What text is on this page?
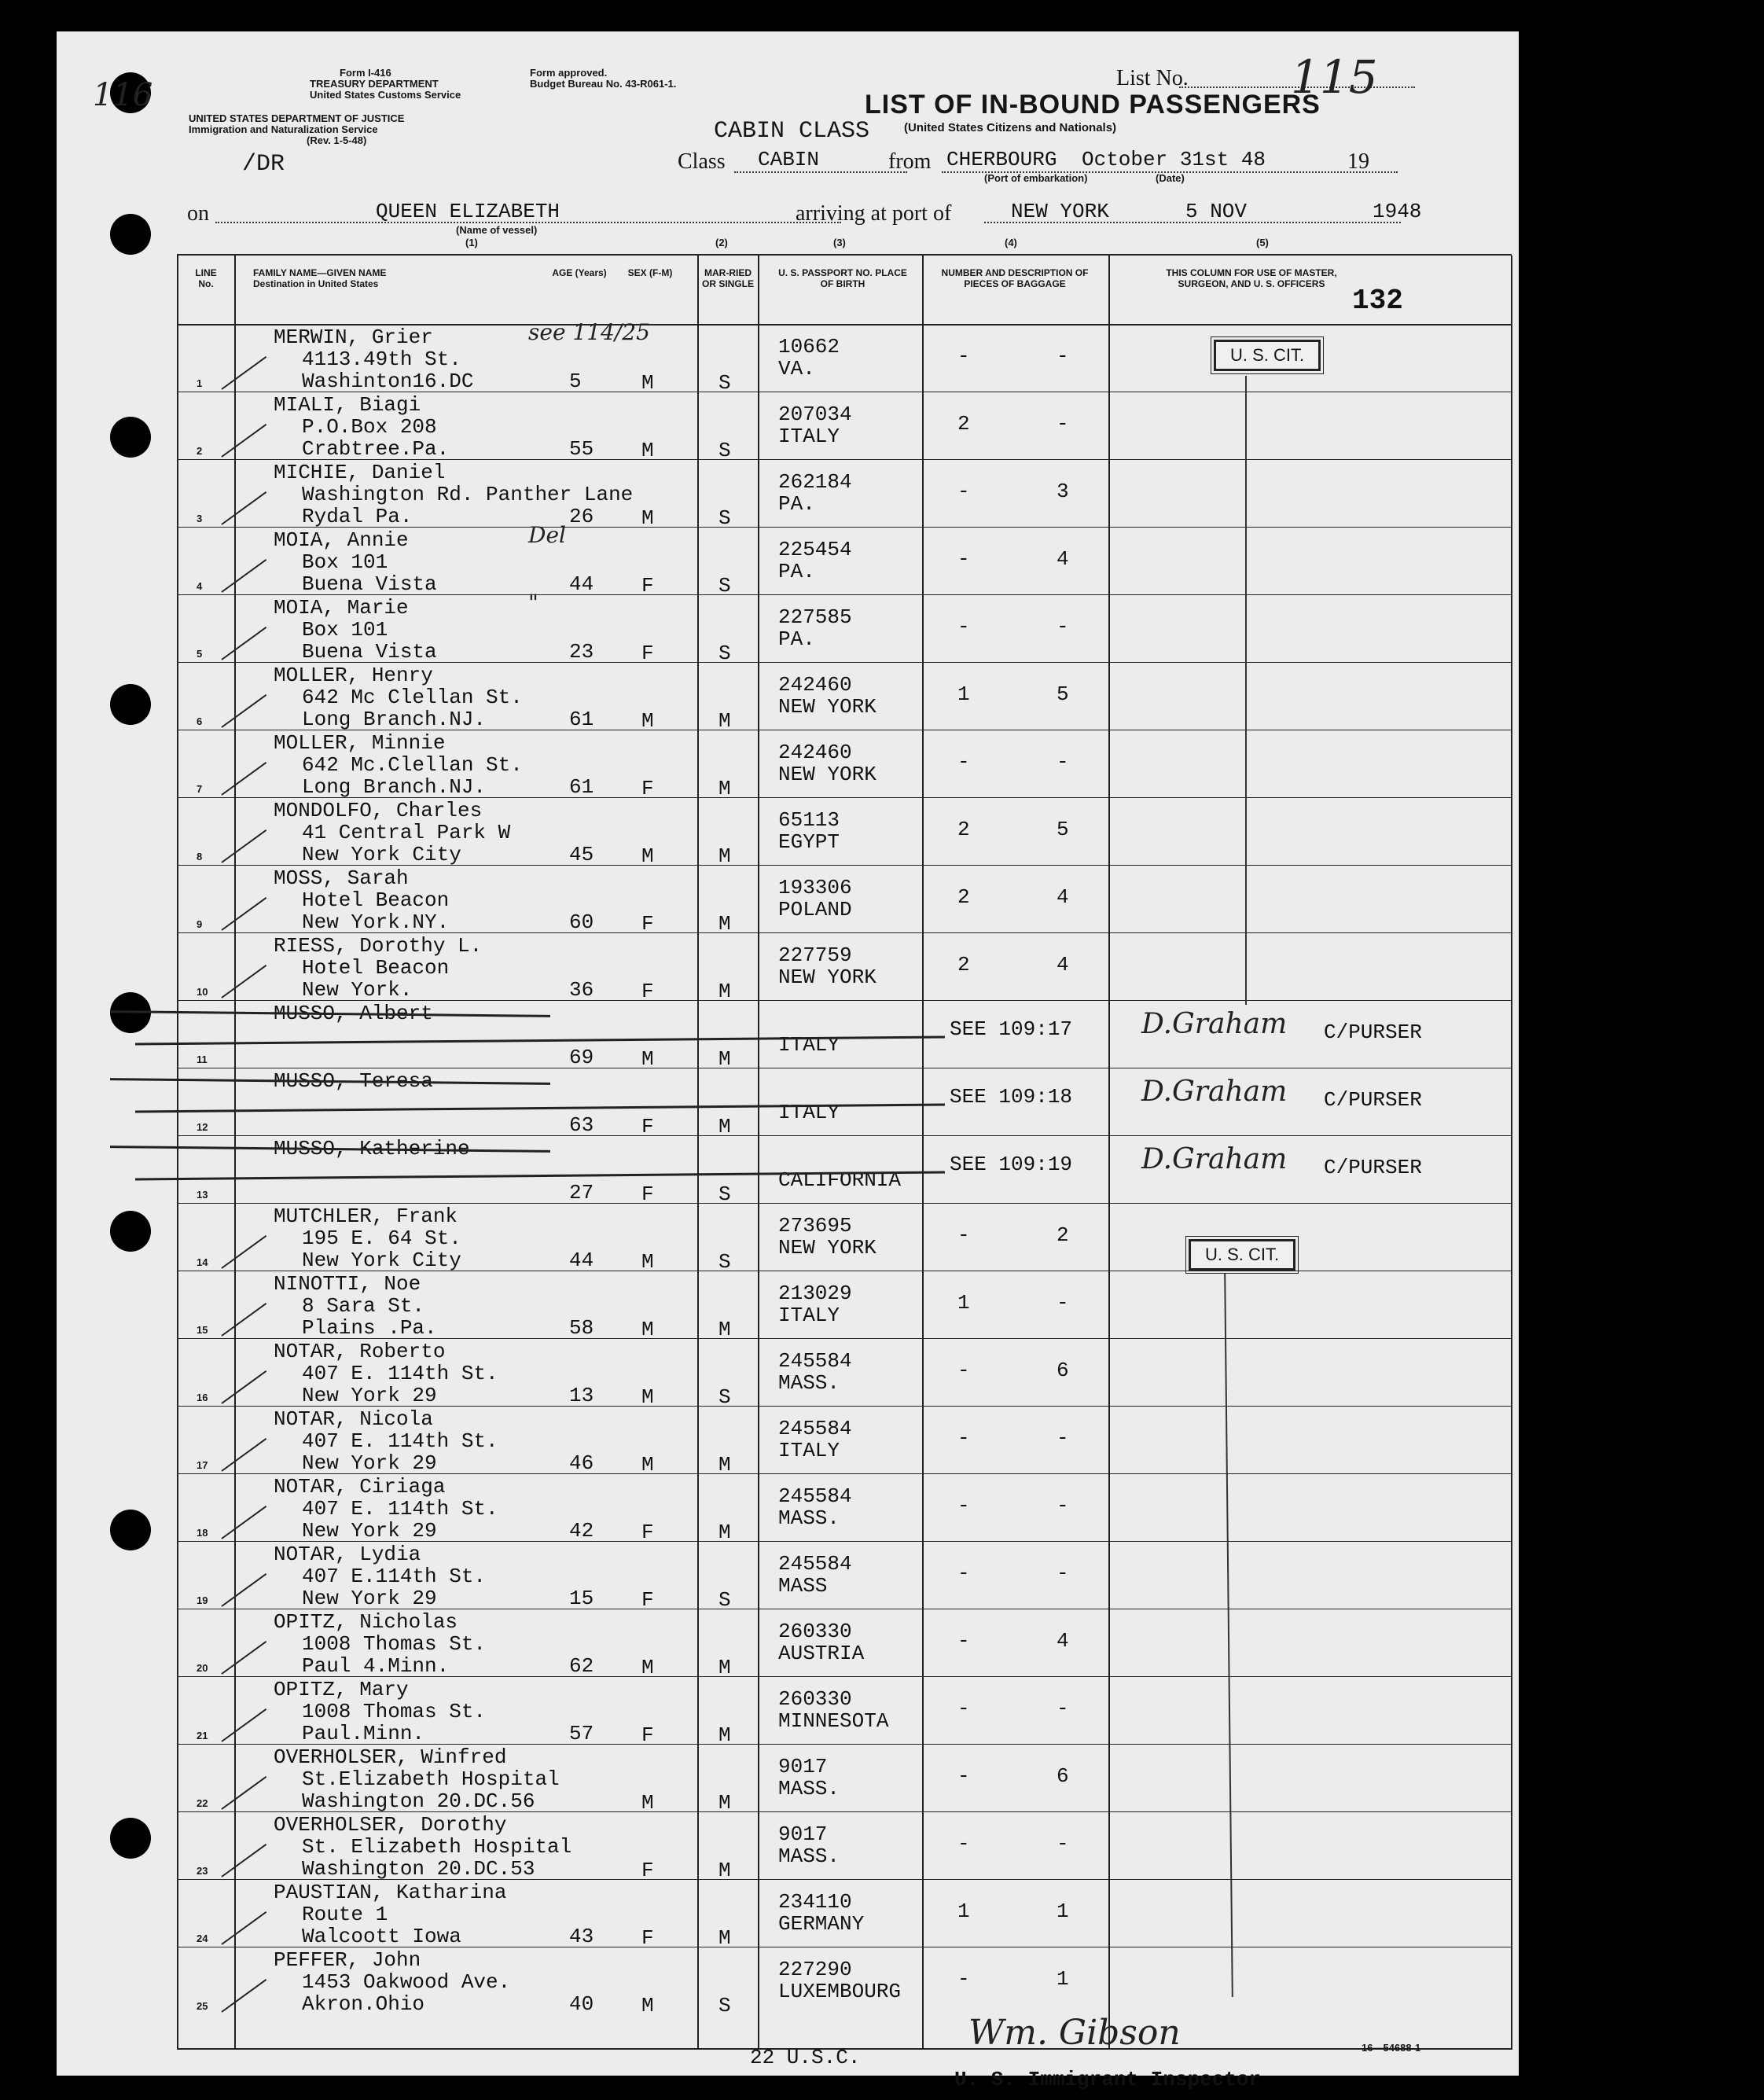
116
Form I-416
TREASURY DEPARTMENT
United States Customs Service
Form approved.
Budget Bureau No. 43-R061-1.
UNITED STATES DEPARTMENT OF JUSTICE
Immigration and Naturalization Service
(Rev. 1-5-48)
List No. 115
LIST OF IN-BOUND PASSENGERS
CABIN CLASS	(United States Citizens and Nationals)
/DR	Class CABIN	from CHERBOURG October 31st 48	19
(Port of embarkation)	(Date)
on	QUEEN ELIZABETH
(Name of vessel)
arriving at port of	NEW YORK	5 NOV	1948
(1)	(2)	(3)	(4)	(5)
LINE No.
FAMILY NAME—GIVEN NAME Destination in United States
AGE (Years)	SEX (F-M)	MAR-RIED OR SINGLE
U. S. PASSPORT NO. PLACE OF BIRTH
NUMBER AND DESCRIPTION OF PIECES OF BAGGAGE
THIS COLUMN FOR USE OF MASTER, SURGEON, AND U. S. OFFICERS
132
1
MERWIN, Grier
4113.49th St.
Washinton16.DC	5	M	S
10662
VA.
-	-
see 114/25
2
MIALI, Biagi
P.O.Box 208
Crabtree.Pa.	55 M	S
207034
ITALY
2	-
3
MICHIE, Daniel
Washington Rd. Panther Lane
Rydal Pa.	26 M	S
262184
PA.
-	3
4
MOIA, Annie
Box 101
Buena Vista	44 F	S
225454
PA.
-	4
Del
5
MOIA, Marie
Box 101
Buena Vista	23 F	S
227585
PA.
-	-
"
6
MOLLER, Henry
642 Mc Clellan St.
Long Branch.NJ.	61 M	M
242460
NEW YORK
1	5
7
MOLLER, Minnie
642 Mc.Clellan St.
Long Branch.NJ.	61 F	M
242460
NEW YORK
-	-
8
MONDOLFO, Charles
41 Central Park W
New York City	45 M	M
65113
EGYPT
2	5
9
MOSS, Sarah
Hotel Beacon
New York.NY.	60 F	M
193306
POLAND
2	4
10
RIESS, Dorothy L.
Hotel Beacon
New York.	36 F	M
227759
NEW YORK
2	4
11	69 M	M
ITALY
SEE 109:17 D.Graham C/PURSER
12	63 F	M
ITALY
SEE 109:18 D.Graham C/PURSER
13	27 F	S
CALIFORNIA
SEE 109:19 D.Graham C/PURSER
14
MUTCHLER, Frank
195 E. 64 St.
New York City	44 M	S
273695
NEW YORK
-	2
15
NINOTTI, Noe
8 Sara St.
Plains .Pa.	58 M	M
213029
ITALY
1	-
16
NOTAR, Roberto
407 E. 114th St.
New York 29	13 M	S
245584
MASS.
-	6
17
NOTAR, Nicola
407 E. 114th St.
New York 29	46 M	M
245584
ITALY
-	-
18
NOTAR, Ciriaga
407 E. 114th St.
New York 29	42 F	M
245584
MASS.
-	-
19
NOTAR, Lydia
407 E.114th St.
New York 29	15 F	S
245584
MASS
-	-
20
OPITZ, Nicholas
1008 Thomas St.
Paul 4.Minn.	62 M	M
260330
AUSTRIA
-	4
21
OPITZ, Mary
1008 Thomas St.
Paul.Minn.	57 F	M
260330
MINNESOTA
-	-
22
OVERHOLSER, Winfred
St.Elizabeth Hospital
Washington 20.DC.56	M	M
9017
MASS.
-	6
23
OVERHOLSER, Dorothy
St. Elizabeth Hospital
Washington 20.DC.53	F	M
9017
MASS.
-	-
24
PAUSTIAN, Katharina
Route 1
Walcoott Iowa	43 F	M
234110
GERMANY
1	1
25
PEFFER, John
1453 Oakwood Ave.
Akron.Ohio	40 M	S
227290
LUXEMBOURG
-	1
U. S. CIT.
U. S. CIT.
22 U.S.C.
Wm. Gibson	16—54688-1
U. S. Immigrant Inspector
